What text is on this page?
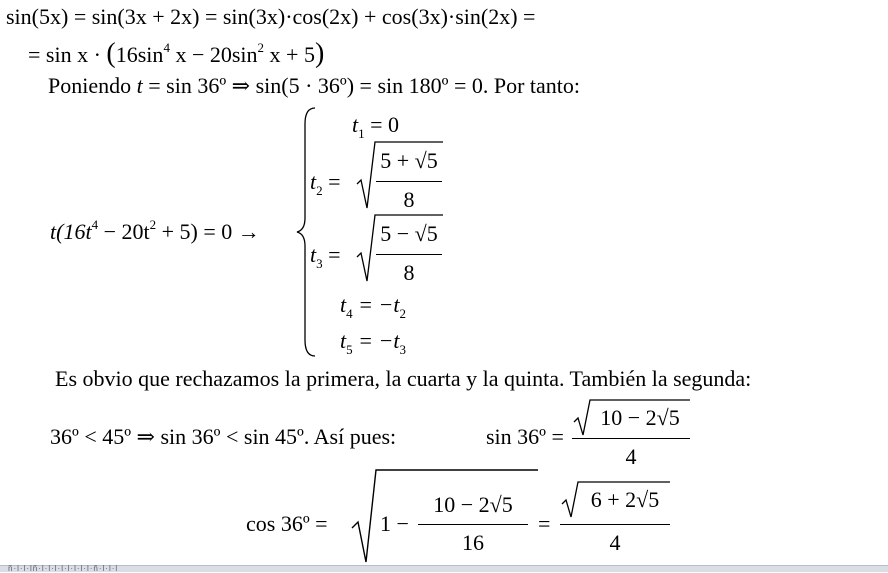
sin(5x) = sin(3x + 2x) = sin(3x)·cos(2x) + cos(3x)·sin(2x) =
= $\sin x \cdot (16\sin^4$ $x - 20\sin^2$ x + 5)
Poniendo t = sin 36º ⇒ sin(5 · 36º) = sin 180º = 0. Por tanto:
$t(16t^4 - 20t^2 + 5) = 0$ →
$t_1 = 0$
$t_2$ =
5 + √5
8
$t_3$ =
5 − √5
8
$t_4 = -t_2$
$t_5 = -t_3$
Es obvio que rechazamos la primera, la cuarta y la quinta. También la segunda:
36º < 45º ⇒ sin 36º < sin 45º. Así pues:	sin 36º =
10 − 2√5
4
cos 36º = 1 −
10 − 2√5
16
=
6 + 2√5
4
ñ·l·l·lñ·l·l·l·l·l·l·l·l·ñ·l·l·l
